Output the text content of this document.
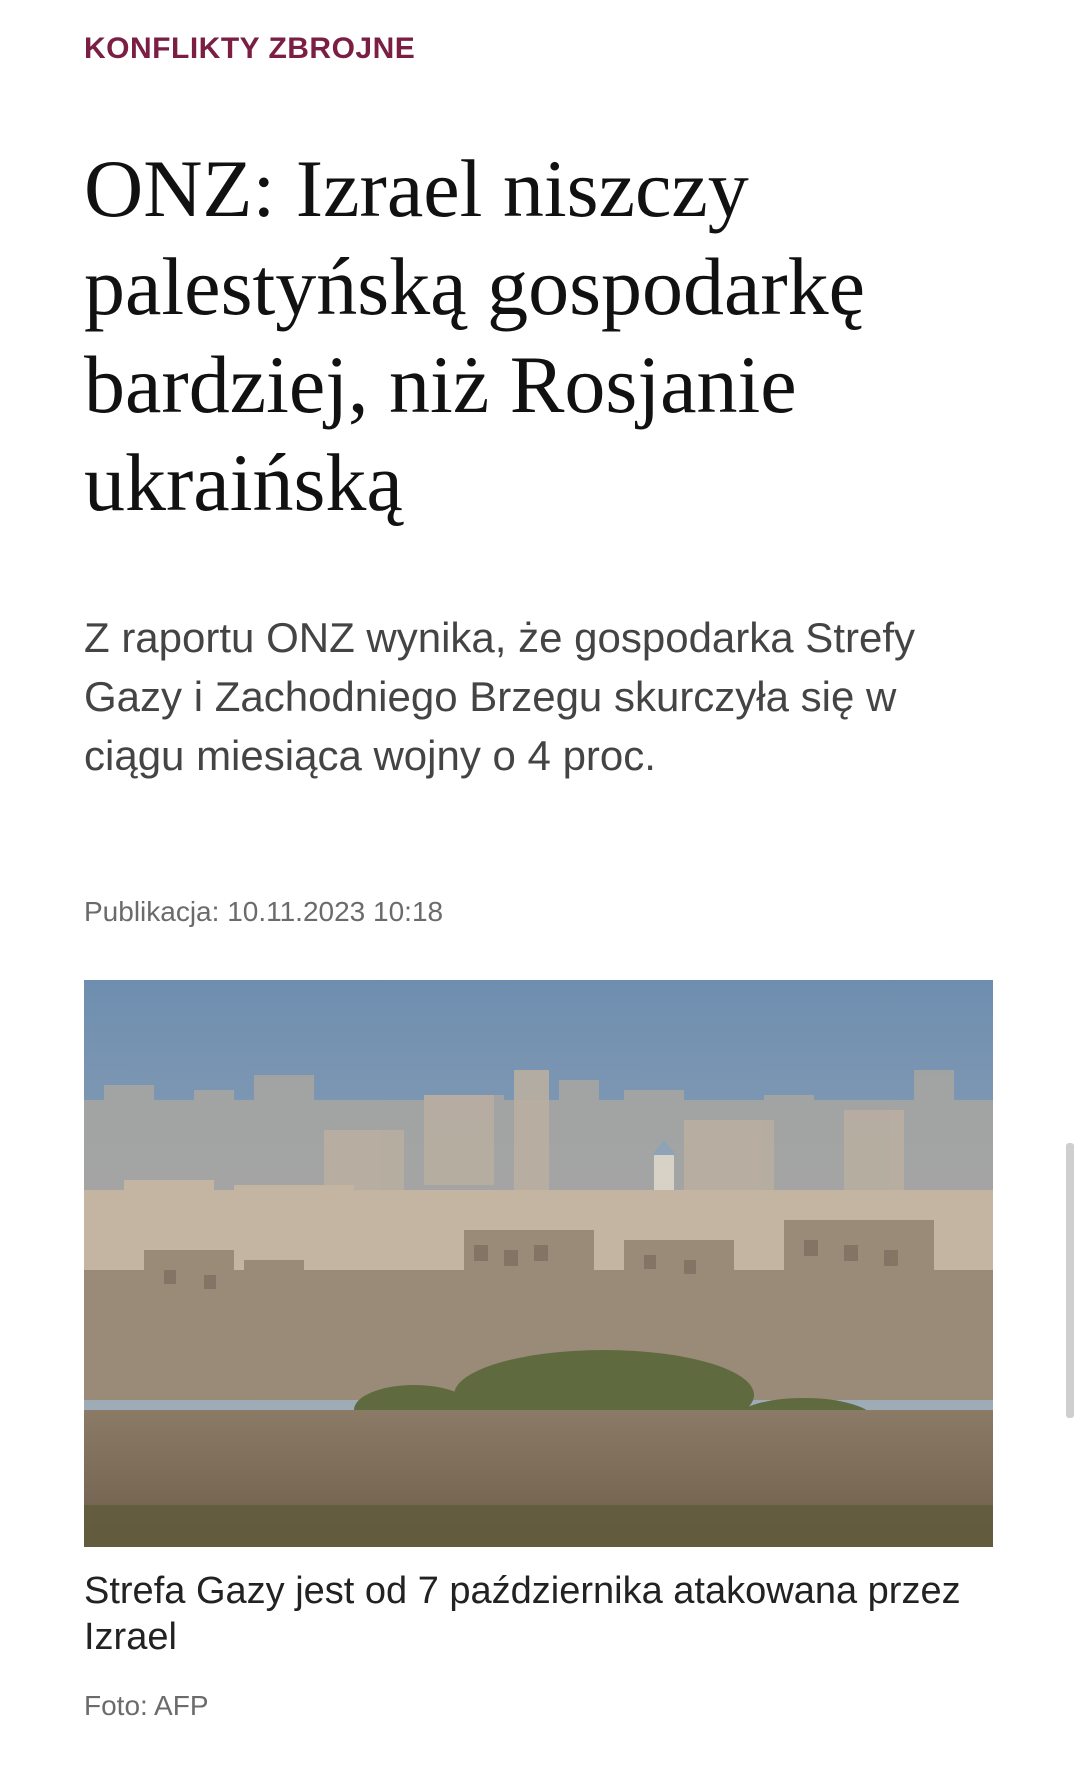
KONFLIKTY ZBROJNE
ONZ: Izrael niszczy palestyńską gospodarkę bardziej, niż Rosjanie ukraińską

Z raportu ONZ wynika, że gospodarka Strefy Gazy i Zachodniego Brzegu skurczyła się w ciągu miesiąca wojny o 4 proc.

Publikacja: 10.11.2023 10:18

Strefa Gazy jest od 7 października atakowana przez Izrael

Foto: AFP
